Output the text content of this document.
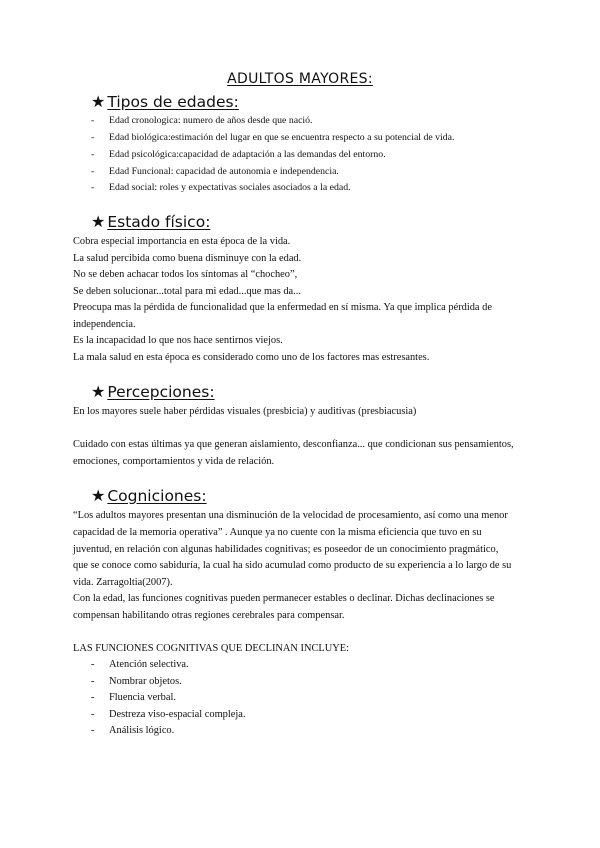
ADULTOS MAYORES:
★ Tipos de edades:
- Edad cronologica: numero de años desde que nació.
- Edad biológica:estimación del lugar en que se encuentra respecto a su potencial de vida.
- Edad psicológica:capacidad de adaptación a las demandas del entorno.
- Edad Funcional: capacidad de autonomia e independencia.
- Edad social: roles y expectativas sociales asociados a la edad.
★ Estado físico:
Cobra especial importancia en esta época de la vida.
La salud percibida como buena disminuye con la edad.
No se deben achacar todos los síntomas al “chocheo”,
Se deben solucionar...total para mi edad...que mas da...
Preocupa mas la pérdida de funcionalidad que la enfermedad en sí misma. Ya que implica pérdida de
independencia.
Es la incapacidad lo que nos hace sentirnos viejos.
La mala salud en esta época es considerado como uno de los factores mas estresantes.
★ Percepciones:
En los mayores suele haber pérdidas visuales (presbicia) y auditivas (presbiacusia)
Cuidado con estas últimas ya que generan aislamiento, desconfianza... que condicionan sus pensamientos,
emociones, comportamientos y vida de relación.
★ Cogniciones:
“Los adultos mayores presentan una disminución de la velocidad de procesamiento, así como una menor
capacidad de la memoria operativa” . Aunque ya no cuente con la misma eficiencia que tuvo en su
juventud, en relación con algunas habilidades cognitivas; es poseedor de un conocimiento pragmático,
que se conoce como sabiduría, la cual ha sido acumulad como producto de su experiencia a lo largo de su
vida. Zarragoltia(2007).
Con la edad, las funciones cognitivas pueden permanecer estables o declinar. Dichas declinaciones se
compensan habilitando otras regiones cerebrales para compensar.
LAS FUNCIONES COGNITIVAS QUE DECLINAN INCLUYE:
- Atención selectiva.
- Nombrar objetos.
- Fluencia verbal.
- Destreza viso-espacial compleja.
- Análisis lógico.
